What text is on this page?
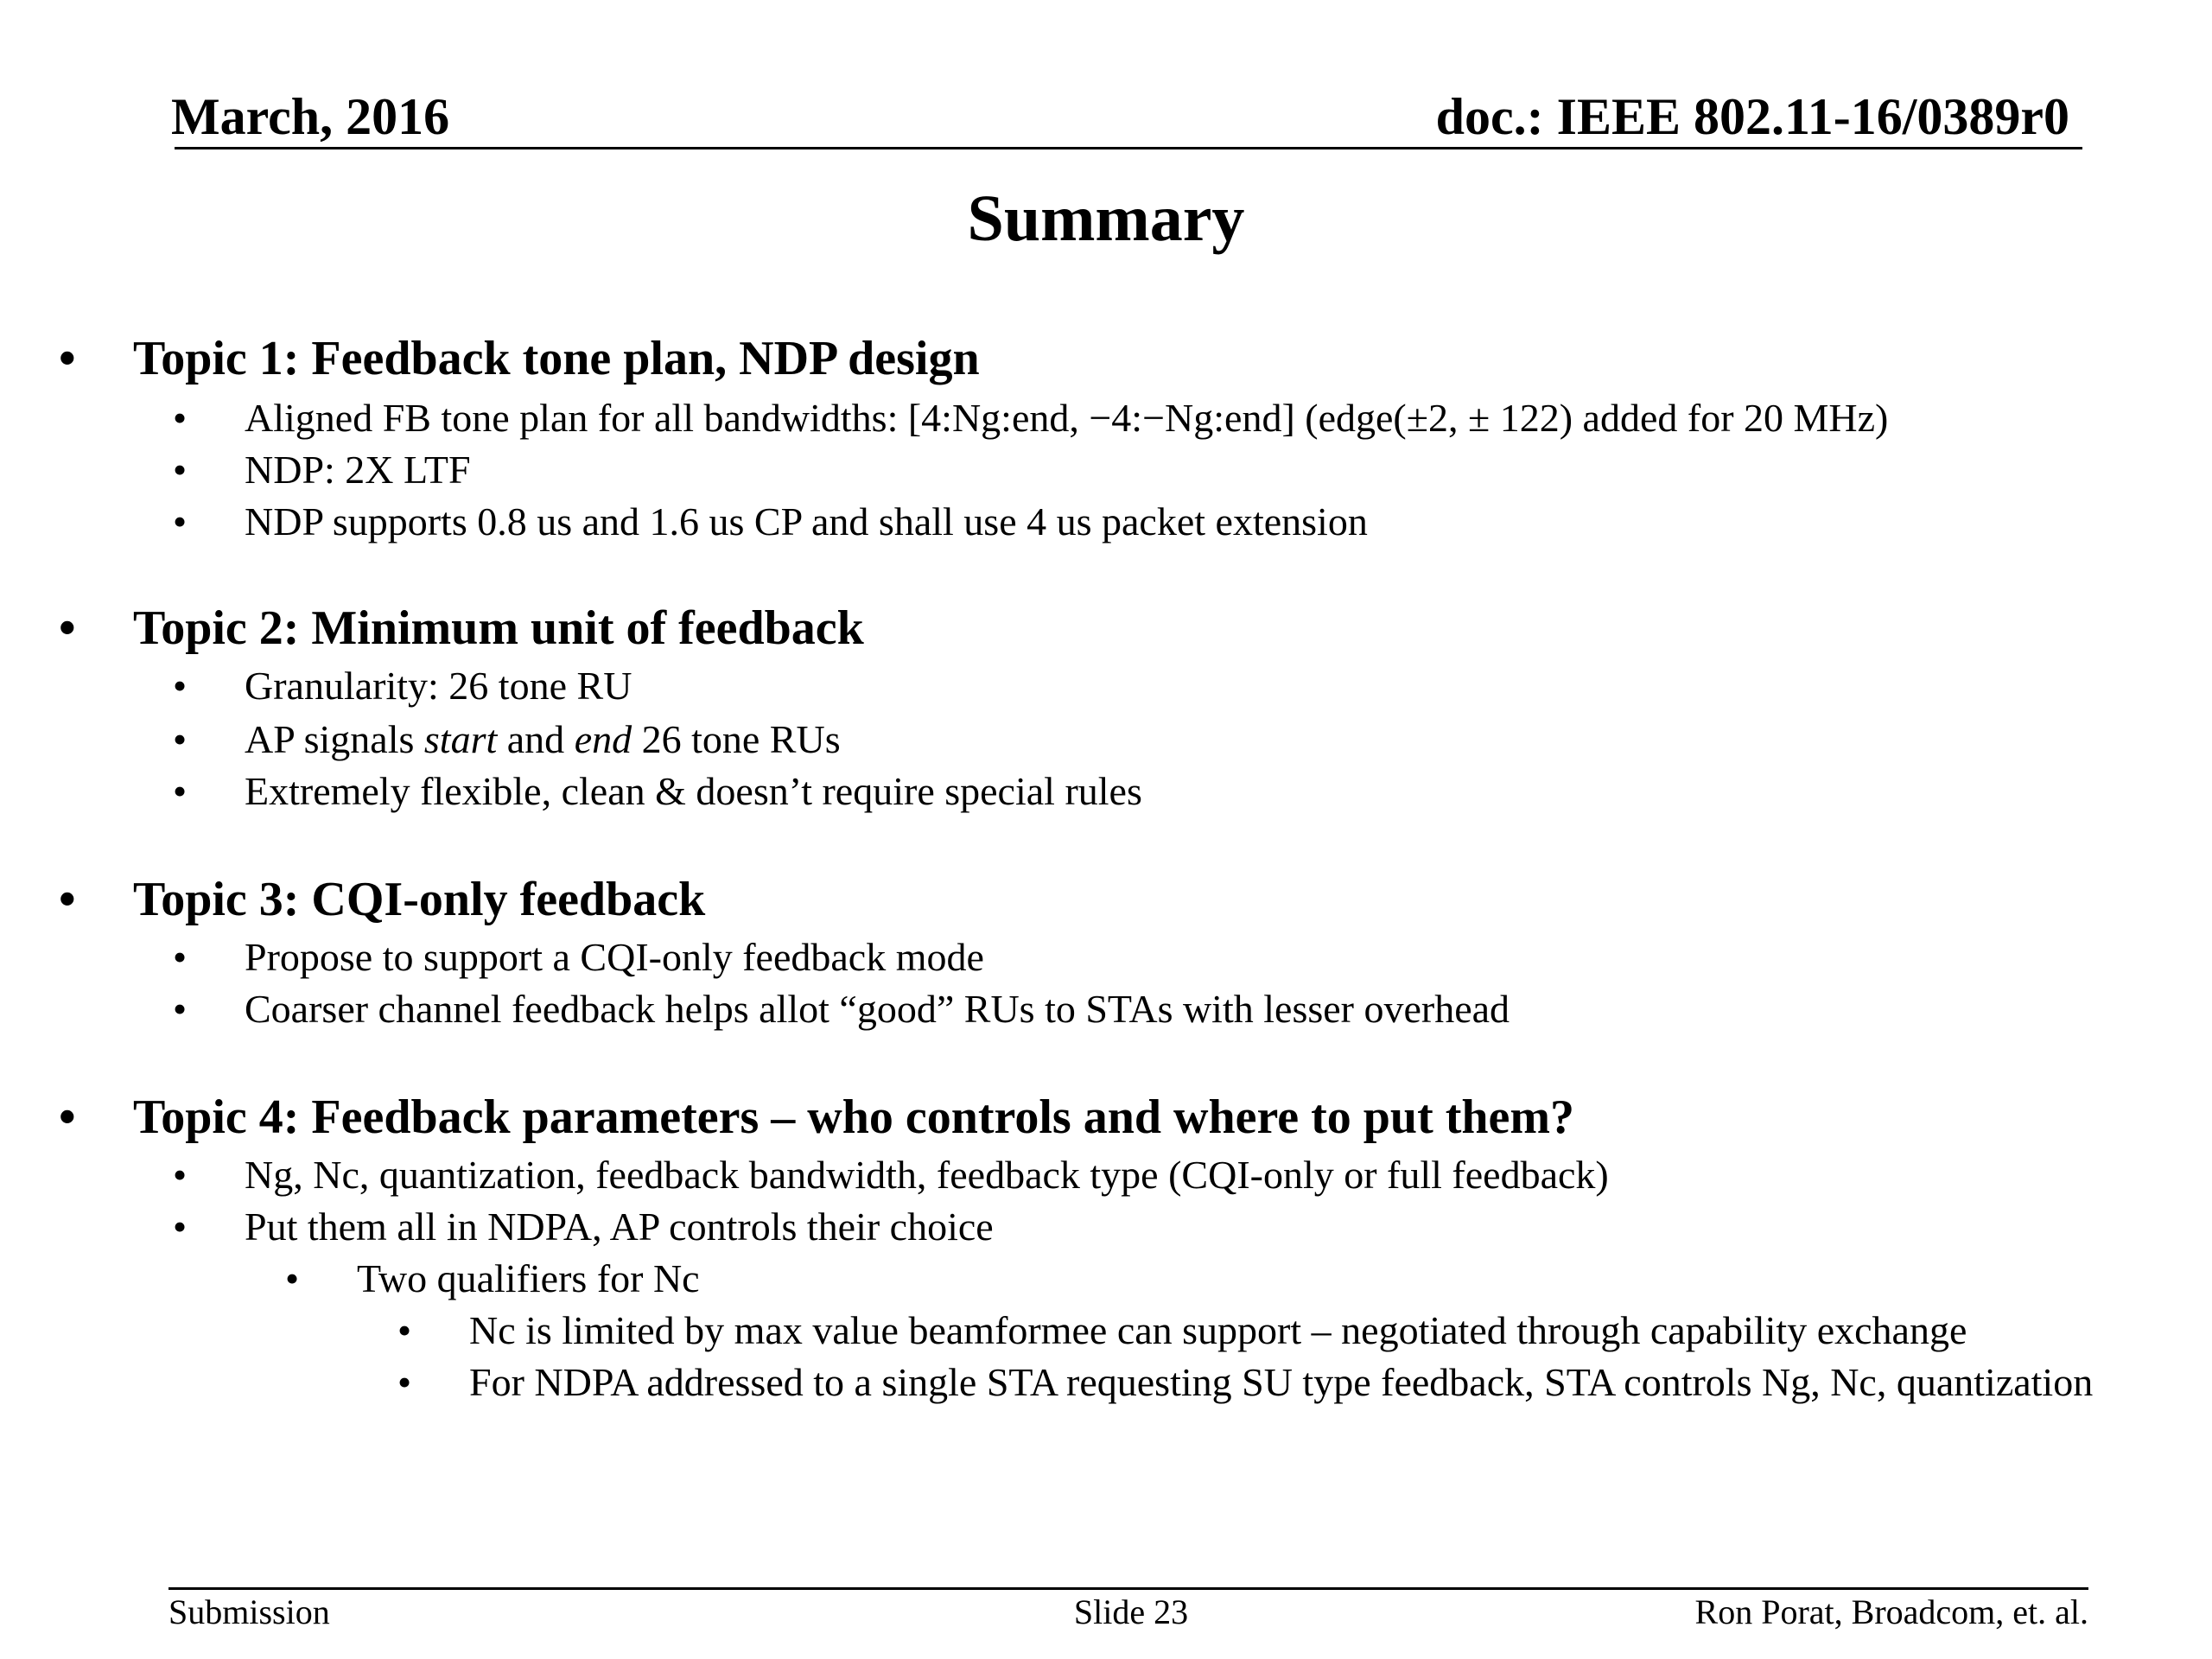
March, 2016	doc.: IEEE 802.11-16/0389r0
Summary
• Topic 1: Feedback tone plan, NDP design
• Aligned FB tone plan for all bandwidths: [4:Ng:end, −4:−Ng:end] (edge(±2, ± 122) added for 20 MHz)
• NDP: 2X LTF
• NDP supports 0.8 us and 1.6 us CP and shall use 4 us packet extension
• Topic 2: Minimum unit of feedback
• Granularity: 26 tone RU
• AP signals start and end 26 tone RUs
• Extremely flexible, clean & doesn’t require special rules
• Topic 3: CQI-only feedback
• Propose to support a CQI-only feedback mode
• Coarser channel feedback helps allot “good” RUs to STAs with lesser overhead
• Topic 4: Feedback parameters – who controls and where to put them?
• Ng, Nc, quantization, feedback bandwidth, feedback type (CQI-only or full feedback)
• Put them all in NDPA, AP controls their choice
• Two qualifiers for Nc
• Nc is limited by max value beamformee can support – negotiated through capability exchange
• For NDPA addressed to a single STA requesting SU type feedback, STA controls Ng, Nc, quantization
Submission	Slide 23	Ron Porat, Broadcom, et. al.
